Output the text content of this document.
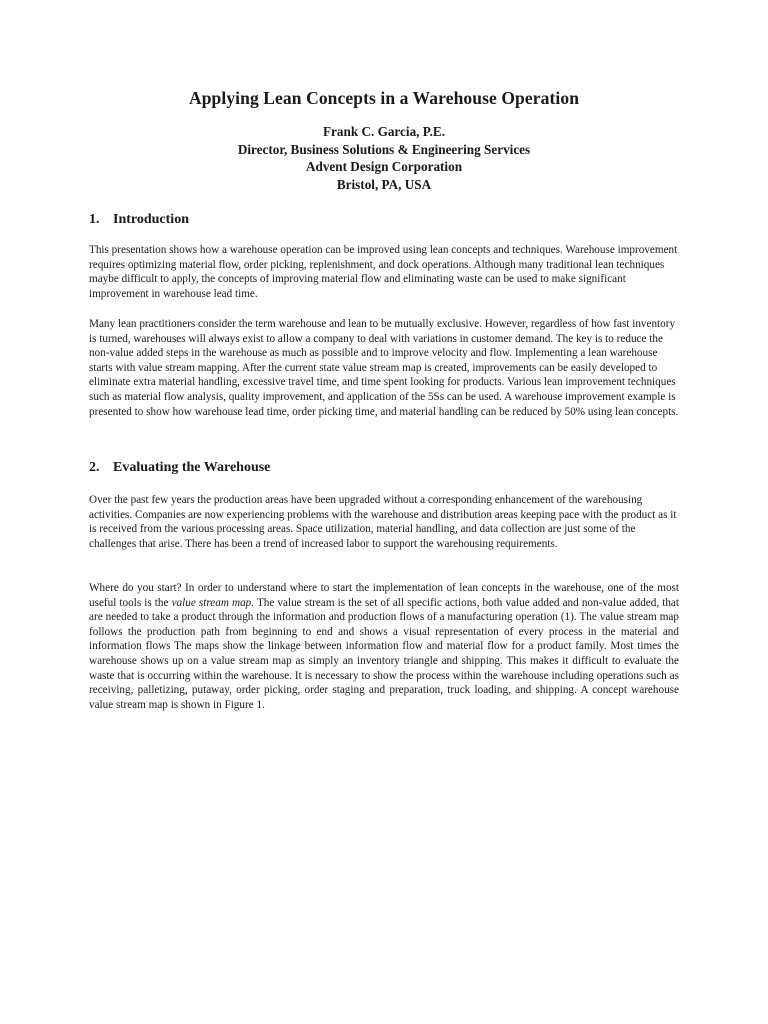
Applying Lean Concepts in a Warehouse Operation
Frank C. Garcia, P.E.
Director, Business Solutions & Engineering Services
Advent Design Corporation
Bristol, PA, USA
1. Introduction

This presentation shows how a warehouse operation can be improved using lean concepts and techniques. Warehouse improvement requires optimizing material flow, order picking, replenishment, and dock operations. Although many traditional lean techniques maybe difficult to apply, the concepts of improving material flow and eliminating waste can be used to make significant improvement in warehouse lead time.

Many lean practitioners consider the term warehouse and lean to be mutually exclusive. However, regardless of how fast inventory is turned, warehouses will always exist to allow a company to deal with variations in customer demand. The key is to reduce the non-value added steps in the warehouse as much as possible and to improve velocity and flow. Implementing a lean warehouse starts with value stream mapping. After the current state value stream map is created, improvements can be easily developed to eliminate extra material handling, excessive travel time, and time spent looking for products. Various lean improvement techniques such as material flow analysis, quality improvement, and application of the 5Ss can be used. A warehouse improvement example is presented to show how warehouse lead time, order picking time, and material handling can be reduced by 50% using lean concepts.

2. Evaluating the Warehouse

Over the past few years the production areas have been upgraded without a corresponding enhancement of the warehousing activities. Companies are now experiencing problems with the warehouse and distribution areas keeping pace with the product as it is received from the various processing areas. Space utilization, material handling, and data collection are just some of the challenges that arise. There has been a trend of increased labor to support the warehousing requirements.

Where do you start? In order to understand where to start the implementation of lean concepts in the warehouse, one of the most useful tools is the value stream map. The value stream is the set of all specific actions, both value added and non-value added, that are needed to take a product through the information and production flows of a manufacturing operation (1). The value stream map follows the production path from beginning to end and shows a visual representation of every process in the material and information flows The maps show the linkage between information flow and material flow for a product family. Most times the warehouse shows up on a value stream map as simply an inventory triangle and shipping. This makes it difficult to evaluate the waste that is occurring within the warehouse. It is necessary to show the process within the warehouse including operations such as receiving, palletizing, putaway, order picking, order staging and preparation, truck loading, and shipping. A concept warehouse value stream map is shown in Figure 1.
